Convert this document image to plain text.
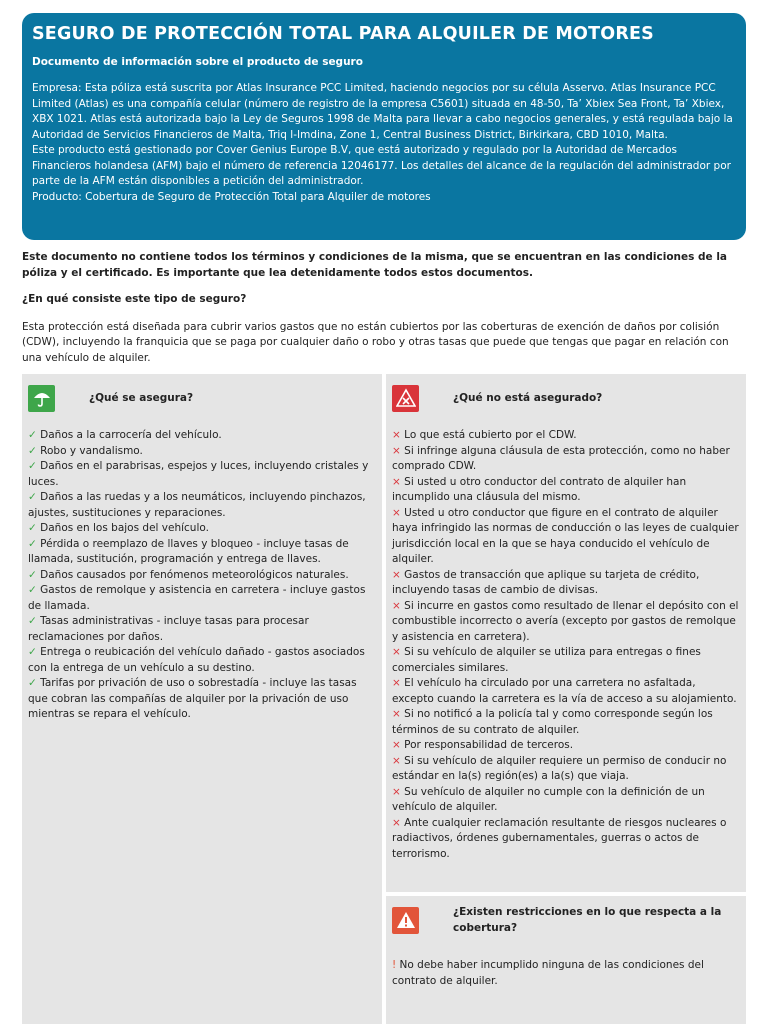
SEGURO DE PROTECCIÓN TOTAL PARA ALQUILER DE MOTORES
Documento de información sobre el producto de seguro

Empresa: Esta póliza está suscrita por Atlas Insurance PCC Limited, haciendo negocios por su célula Asservo. Atlas Insurance PCC Limited (Atlas) es una compañía celular (número de registro de la empresa C5601) situada en 48-50, Ta’ Xbiex Sea Front, Ta’ Xbiex, XBX 1021. Atlas está autorizada bajo la Ley de Seguros 1998 de Malta para llevar a cabo negocios generales, y está regulada bajo la Autoridad de Servicios Financieros de Malta, Triq l-Imdina, Zone 1, Central Business District, Birkirkara, CBD 1010, Malta.

Este producto está gestionado por Cover Genius Europe B.V, que está autorizado y regulado por la Autoridad de Mercados Financieros holandesa (AFM) bajo el número de referencia 12046177. Los detalles del alcance de la regulación del administrador por parte de la AFM están disponibles a petición del administrador.

Producto: Cobertura de Seguro de Protección Total para Alquiler de motores

Este documento no contiene todos los términos y condiciones de la misma, que se encuentran en las condiciones de la póliza y el certificado. Es importante que lea detenidamente todos estos documentos.

¿En qué consiste este tipo de seguro?

Esta protección está diseñada para cubrir varios gastos que no están cubiertos por las coberturas de exención de daños por colisión (CDW), incluyendo la franquicia que se paga por cualquier daño o robo y otras tasas que puede que tengas que pagar en relación con una vehículo de alquiler.

¿Qué se asegura?
✓ Daños a la carrocería del vehículo.
✓ Robo y vandalismo.
✓ Daños en el parabrisas, espejos y luces, incluyendo cristales y luces.
✓ Daños a las ruedas y a los neumáticos, incluyendo pinchazos, ajustes, sustituciones y reparaciones.
✓ Daños en los bajos del vehículo.
✓ Pérdida o reemplazo de llaves y bloqueo - incluye tasas de llamada, sustitución, programación y entrega de llaves.
✓ Daños causados por fenómenos meteorológicos naturales.
✓ Gastos de remolque y asistencia en carretera - incluye gastos de llamada.
✓ Tasas administrativas - incluye tasas para procesar reclamaciones por daños.
✓ Entrega o reubicación del vehículo dañado - gastos asociados con la entrega de un vehículo a su destino.
✓ Tarifas por privación de uso o sobrestadía - incluye las tasas que cobran las compañías de alquiler por la privación de uso mientras se repara el vehículo.
¿Qué no está asegurado?
× Lo que está cubierto por el CDW.
× Si infringe alguna cláusula de esta protección, como no haber comprado CDW.
× Si usted u otro conductor del contrato de alquiler han incumplido una cláusula del mismo.
× Usted u otro conductor que figure en el contrato de alquiler haya infringido las normas de conducción o las leyes de cualquier jurisdicción local en la que se haya conducido el vehículo de alquiler.
× Gastos de transacción que aplique su tarjeta de crédito, incluyendo tasas de cambio de divisas.
× Si incurre en gastos como resultado de llenar el depósito con el combustible incorrecto o avería (excepto por gastos de remolque y asistencia en carretera).
× Si su vehículo de alquiler se utiliza para entregas o fines comerciales similares.
× El vehículo ha circulado por una carretera no asfaltada, excepto cuando la carretera es la vía de acceso a su alojamiento.
× Si no notificó a la policía tal y como corresponde según los términos de su contrato de alquiler.
× Por responsabilidad de terceros.
× Si su vehículo de alquiler requiere un permiso de conducir no estándar en la(s) región(es) a la(s) que viaja.
× Su vehículo de alquiler no cumple con la definición de un vehículo de alquiler.
× Ante cualquier reclamación resultante de riesgos nucleares o radiactivos, órdenes gubernamentales, guerras o actos de terrorismo.
¿Existen restricciones en lo que respecta a la cobertura?
! No debe haber incumplido ninguna de las condiciones del contrato de alquiler.
